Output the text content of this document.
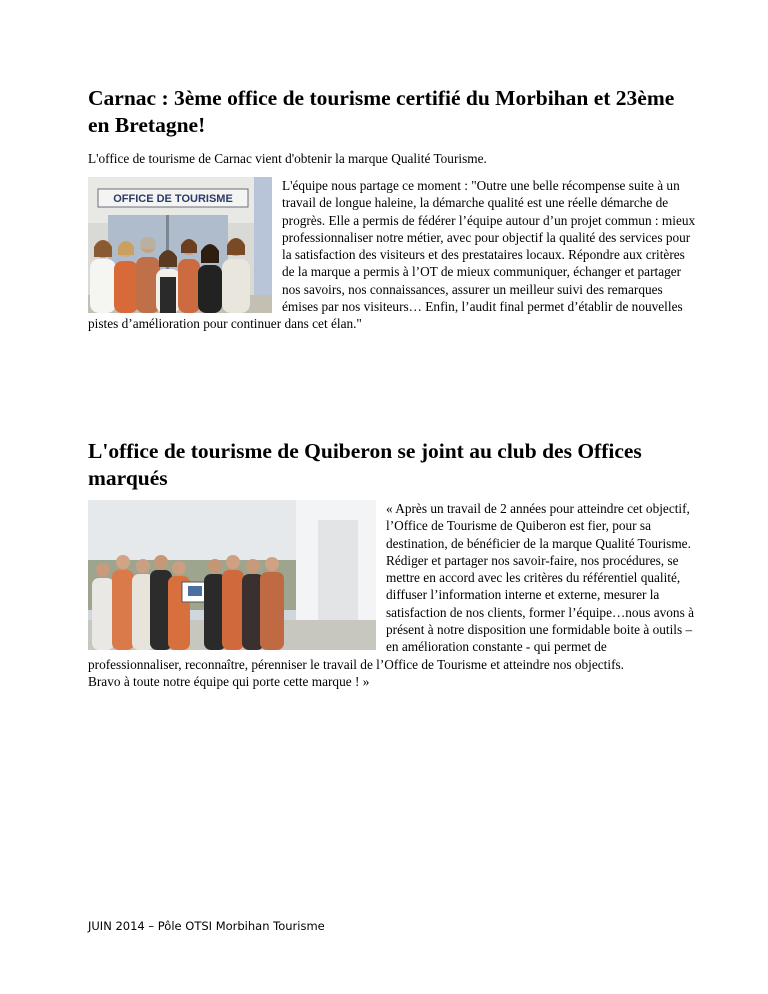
Carnac : 3ème office de tourisme certifié du Morbihan et 23ème en Bretagne!

L'office de tourisme de Carnac vient d'obtenir la marque Qualité Tourisme.

OFFICE DE TOURISME

L'équipe nous partage ce moment : "Outre une belle récompense suite à un travail de longue haleine, la démarche qualité est une réelle démarche de progrès. Elle a permis de fédérer l’équipe autour d’un projet commun : mieux professionnaliser notre métier, avec pour objectif la qualité des services pour la satisfaction des visiteurs et des prestataires locaux. Répondre aux critères de la marque a permis à l’OT de mieux communiquer, échanger et partager nos savoirs, nos connaissances, assurer un meilleur suivi des remarques émises par nos visiteurs… Enfin, l’audit final permet d’établir de nouvelles pistes d’amélioration pour continuer dans cet élan."

L'office de tourisme de Quiberon se joint au club des Offices marqués

« Après un travail de 2 années pour atteindre cet objectif, l’Office de Tourisme de Quiberon est fier, pour sa destination, de bénéficier de la marque Qualité Tourisme. Rédiger et partager nos savoir-faire, nos procédures, se mettre en accord avec les critères du référentiel qualité, diffuser l’information interne et externe, mesurer la satisfaction de nos clients, former l’équipe…nous avons à présent à notre disposition une formidable boite à outils – en amélioration constante - qui permet de professionnaliser, reconnaître, pérenniser le travail de l’Office de Tourisme et atteindre nos objectifs.

Bravo à toute notre équipe qui porte cette marque ! »

JUIN 2014 – Pôle OTSI Morbihan Tourisme
